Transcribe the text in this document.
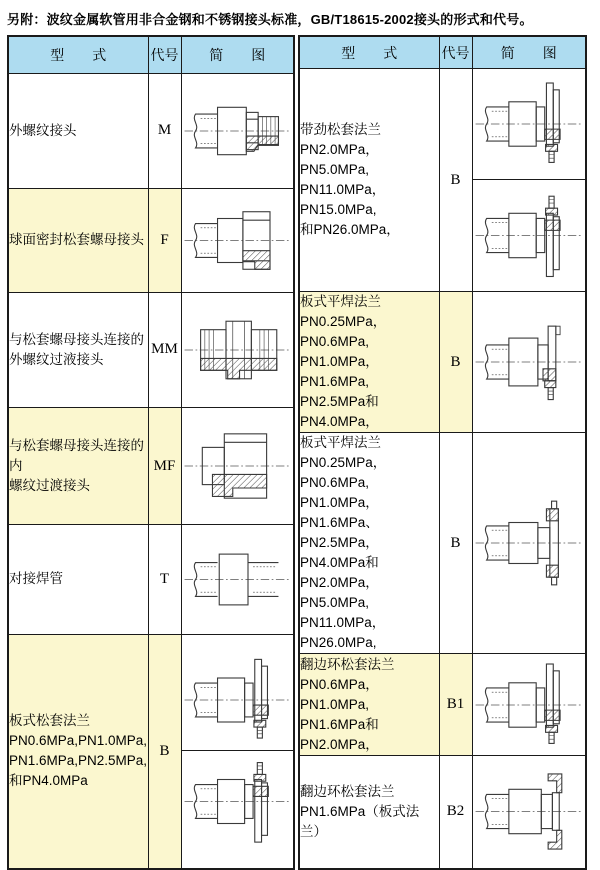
另附：波纹金属软管用非合金钢和不锈钢接头标准，GB/T18615-2002接头的形式和代号。
型　　式	代号	简　　图

外螺纹接头	M	

球面密封松套螺母接头	F	

与松套螺母接头连接的
外螺纹过液接头	MM	

与松套螺母接头连接的内
螺纹过渡接头	MF	

对接焊管	T	

板式松套法兰
PN0.6MPa,PN1.0MPa,
PN1.6MPa,PN2.5MPa,
和PN4.0MPa	B	
型　　式	代号	简　　图

带劲松套法兰
PN2.0MPa，PN5.0MPa,
PN11.0MPa，PN15.0MPa,
和PN26.0MPa，	B	

板式平焊法兰
PN0.25MPa，PN0.6MPa,
PN1.0MPa，PN1.6MPa,
PN2.5MPa和PN4.0MPa，	B	

板式平焊法兰
PN0.25MPa，PN0.6MPa,
PN1.0MPa，PN1.6MPa、
PN2.5MPa，PN4.0MPa和
PN2.0MPa，PN5.0MPa,
PN11.0MPa，PN26.0MPa,
	B	

翻边环松套法兰
PN0.6MPa，PN1.0MPa,
PN1.6MPa和PN2.0MPa，	B1	

翻边环松套法兰
PN1.6MPa（板式法兰）	B2	
